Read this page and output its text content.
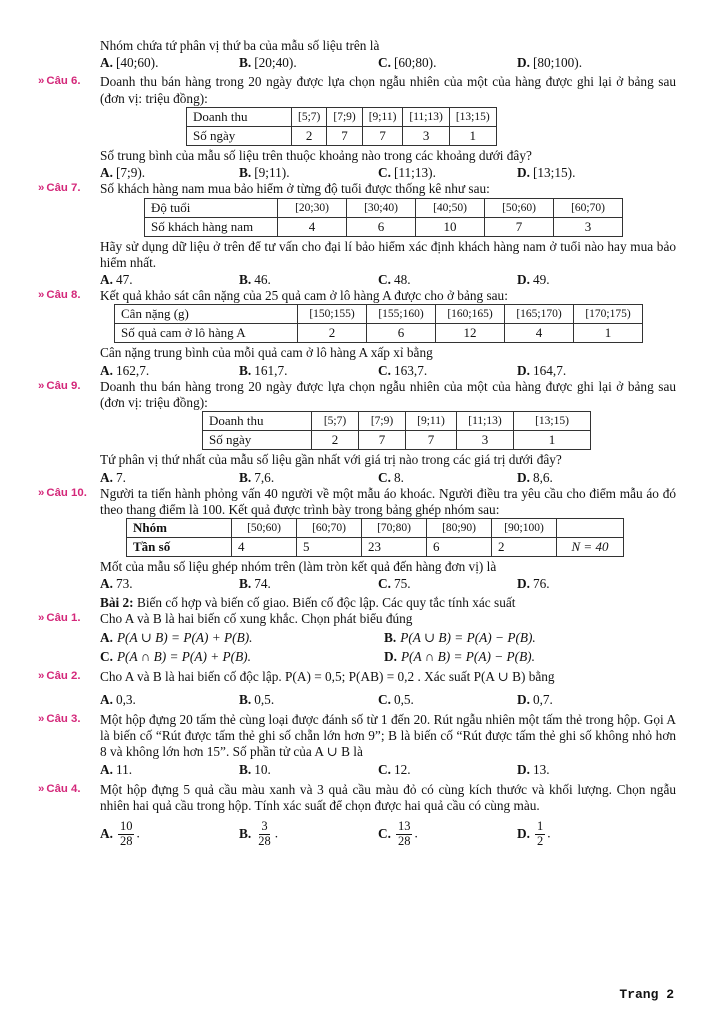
Nhóm chứa tứ phân vị thứ ba của mẫu số liệu trên là

A. [40;60).	B. [20;40).	C. [60;80).	D. [80;100).
» Câu 6. Doanh thu bán hàng trong 20 ngày được lựa chọn ngẫu nhiên của một của hàng được ghi lại ở bảng sau (đơn vị: triệu đồng):

Doanh thu	[5;7)	[7;9)	[9;11)	[11;13)	[13;15)
Số ngày	2	7	7	3	1

Số trung bình của mẫu số liệu trên thuộc khoảng nào trong các khoảng dưới đây?

A. [7;9).	B. [9;11).	C. [11;13).	D. [13;15).
» Câu 7. Số khách hàng nam mua bảo hiểm ở từng độ tuổi được thống kê như sau:

Độ tuổi	[20;30)	[30;40)	[40;50)	[50;60)	[60;70)
Số khách hàng nam	4	6	10	7	3

Hãy sử dụng dữ liệu ở trên để tư vấn cho đại lí bảo hiểm xác định khách hàng nam ở tuổi nào hay mua bảo hiểm nhất.

A. 47.	B. 46.	C. 48.	D. 49.
» Câu 8. Kết quả khảo sát cân nặng của 25 quả cam ở lô hàng A được cho ở bảng sau:

Cân nặng (g)	[150;155)	[155;160)	[160;165)	[165;170)	[170;175)
Số quả cam ở lô hàng A	2	6	12	4	1

Cân nặng trung bình của mỗi quả cam ở lô hàng A xấp xỉ bằng

A. 162,7.	B. 161,7.	C. 163,7.	D. 164,7.
» Câu 9. Doanh thu bán hàng trong 20 ngày được lựa chọn ngẫu nhiên của một của hàng được ghi lại ở bảng sau (đơn vị: triệu đồng):

Doanh thu	[5;7)	[7;9)	[9;11)	[11;13)	[13;15)
Số ngày	2	7	7	3	1

Tứ phân vị thứ nhất của mẫu số liệu gần nhất với giá trị nào trong các giá trị dưới đây?

A. 7.	B. 7,6.	C. 8.	D. 8,6.
» Câu 10. Người ta tiến hành phỏng vấn 40 người về một mẫu áo khoác. Người điều tra yêu cầu cho điểm mẫu áo đó theo thang điểm là 100. Kết quả được trình bày trong bảng ghép nhóm sau:

Nhóm	[50;60)	[60;70)	[70;80)	[80;90)	[90;100)	
Tần số	4	5	23	6	2	N = 40

Mốt của mẫu số liệu ghép nhóm trên (làm tròn kết quả đến hàng đơn vị) là

A. 73.	B. 74.	C. 75.	D. 76.

Bài 2: Biến cố hợp và biến cố giao. Biến cố độc lập. Các quy tắc tính xác suất

» Câu 1. Cho A và B là hai biến cố xung khắc. Chọn phát biểu đúng

A. P(A ∪ B) = P(A) + P(B).	B. P(A ∪ B) = P(A) − P(B).
C. P(A ∩ B) = P(A) + P(B).	D. P(A ∩ B) = P(A) − P(B).
» Câu 2. Cho A và B là hai biến cố độc lập. P(A) = 0,5; P(AB) = 0,2 . Xác suất P(A ∪ B) bằng

A. 0,3.	B. 0,5.	C. 0,5.	D. 0,7.
» Câu 3. Một hộp đựng 20 tấm thẻ cùng loại được đánh số từ 1 đến 20. Rút ngẫu nhiên một tấm thẻ trong hộp. Gọi A là biến cố “Rút được tấm thẻ ghi số chẵn lớn hơn 9”; B là biến cố “Rút được tấm thẻ ghi số không nhỏ hơn 8 và không lớn hơn 15”. Số phần tử của A ∪ B là

A. 11.	B. 10.	C. 12.	D. 13.
» Câu 4. Một hộp đựng 5 quả cầu màu xanh và 3 quả cầu màu đỏ có cùng kích thước và khối lượng. Chọn ngẫu nhiên hai quả cầu trong hộp. Tính xác suất để chọn được hai quả cầu có cùng màu.

A. $\frac{10}{28}$ .	B. $\frac{3}{28}$ .	C. $\frac{13}{28}$ .	D. $\frac{1}{2}$ .
Trang 2
